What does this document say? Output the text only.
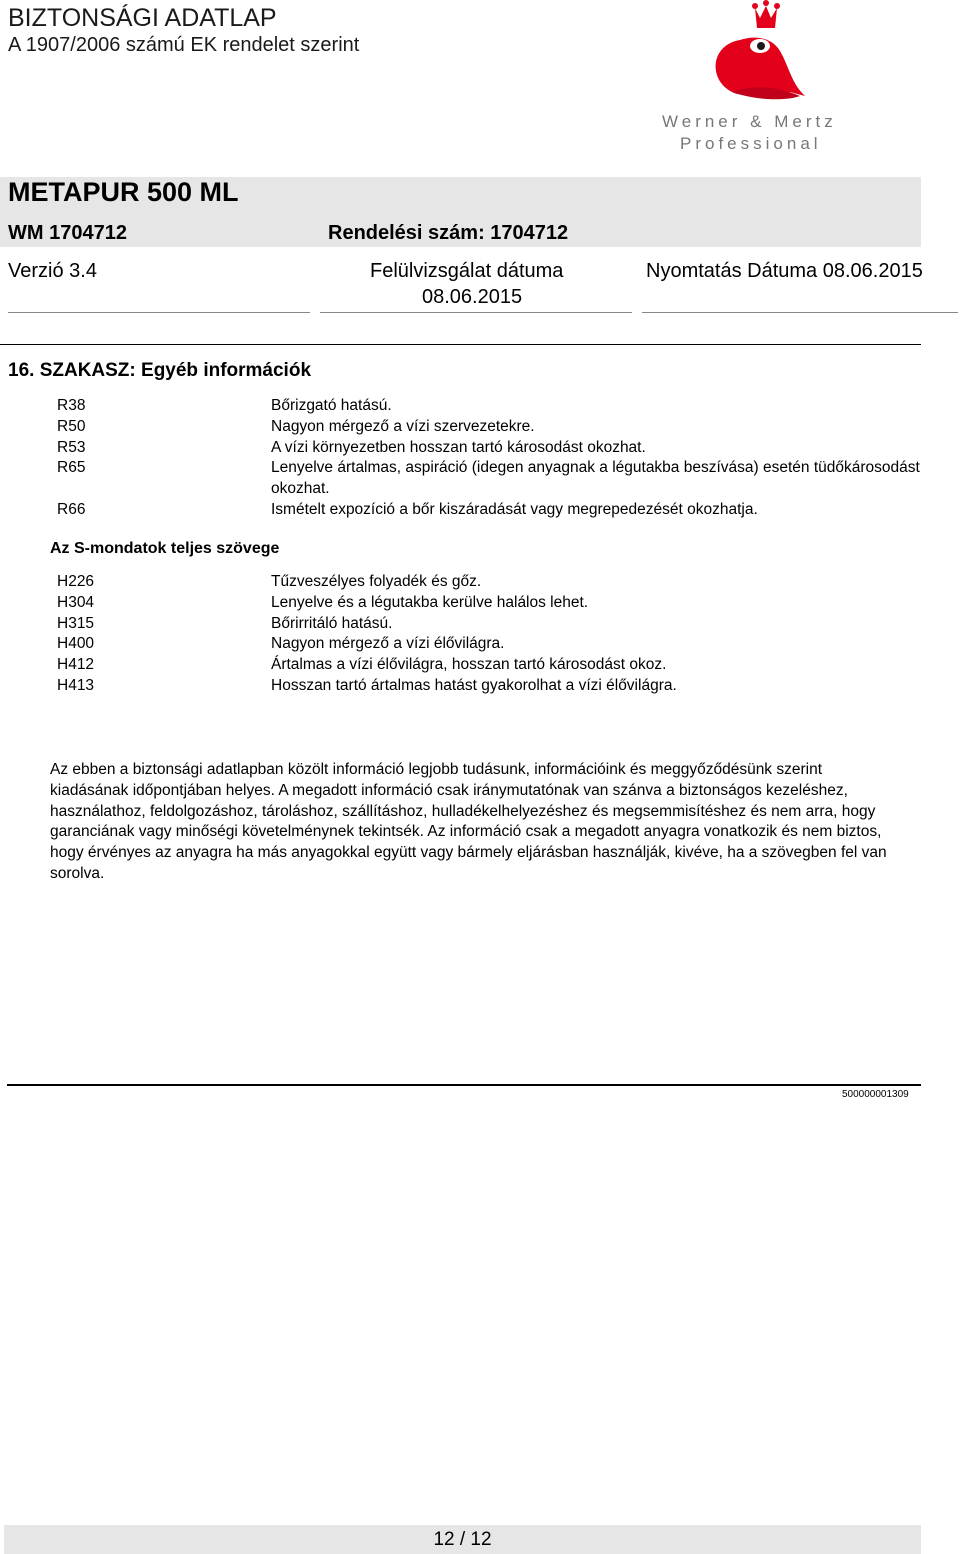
BIZTONSÁGI ADATLAP
A 1907/2006 számú EK rendelet szerint
Werner & Mertz
Professional
METAPUR 500 ML
WM 1704712	Rendelési szám: 1704712
Verzió 3.4	Felülvizsgálat dátuma
08.06.2015
Nyomtatás Dátuma 08.06.2015
16. SZAKASZ: Egyéb információk
R38	Bőrizgató hatású.
R50	Nagyon mérgező a vízi szervezetekre.
R53	A vízi környezetben hosszan tartó károsodást okozhat.
R65	Lenyelve ártalmas, aspiráció (idegen anyagnak a légutakba beszívása) esetén tüdőkárosodást okozhat.
R66	Ismételt expozíció a bőr kiszáradását vagy megrepedezését okozhatja.
Az S-mondatok teljes szövege
H226	Tűzveszélyes folyadék és gőz.
H304	Lenyelve és a légutakba kerülve halálos lehet.
H315	Bőrirritáló hatású.
H400	Nagyon mérgező a vízi élővilágra.
H412	Ártalmas a vízi élővilágra, hosszan tartó károsodást okoz.
H413	Hosszan tartó ártalmas hatást gyakorolhat a vízi élővilágra.
Az ebben a biztonsági adatlapban közölt információ legjobb tudásunk, információink és meggyőződésünk szerint kiadásának időpontjában helyes. A megadott információ csak iránymutatónak van szánva a biztonságos kezeléshez, használathoz, feldolgozáshoz, tároláshoz, szállításhoz, hulladékelhelyezéshez és megsemmisítéshez és nem arra, hogy garanciának vagy minőségi követelménynek tekintsék. Az információ csak a megadott anyagra vonatkozik és nem biztos, hogy érvényes az anyagra ha más anyagokkal együtt vagy bármely eljárásban használják, kivéve, ha a szövegben fel van sorolva.
500000001309
12 / 12
